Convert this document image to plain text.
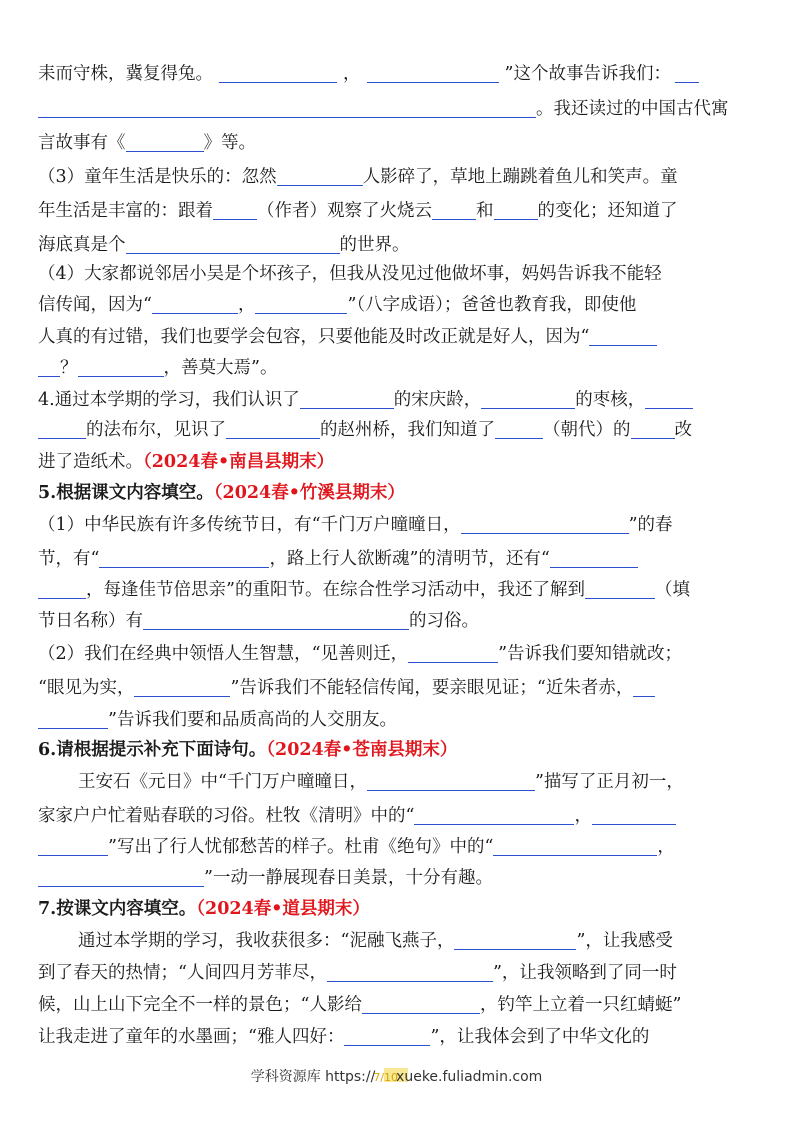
耒而守株，冀复得兔。	，	”这个故事告诉我们：
。我还读过的中国古代寓
言故事有《	》等。
（3）童年生活是快乐的：忽然	人影碎了，草地上蹦跳着鱼儿和笑声。童
年生活是丰富的：跟着	（作者）观察了火烧云	和	的变化；还知道了
海底真是个	的世界。
（4）大家都说邻居小吴是个坏孩子，但我从没见过他做坏事，妈妈告诉我不能轻
信传闻，因为“	，	”（八字成语）；爸爸也教育我，即使他
人真的有过错，我们也要学会包容，只要他能及时改正就是好人，因为“
？	，善莫大焉”。
4.通过本学期的学习，我们认识了	的宋庆龄，	的枣核，
的法布尔，见识了	的赵州桥，我们知道了	（朝代）的	改
进了造纸术。（2024春•南昌县期末）
5.根据课文内容填空。（2024春•竹溪县期末）
（1）中华民族有许多传统节日，有“千门万户曈曈日，	”的春
节，有“	，路上行人欲断魂”的清明节，还有“
，每逢佳节倍思亲”的重阳节。在综合性学习活动中，我还了解到	（填
节日名称）有	的习俗。
（2）我们在经典中领悟人生智慧，“见善则迁，	”告诉我们要知错就改；
“眼见为实，	”告诉我们不能轻信传闻，要亲眼见证；“近朱者赤，
”告诉我们要和品质高尚的人交朋友。
6.请根据提示补充下面诗句。（2024春•苍南县期末）
王安石《元日》中“千门万户曈曈日，	”描写了正月初一，
家家户户忙着贴春联的习俗。杜牧《清明》中的“	，
”写出了行人忧郁愁苦的样子。杜甫《绝句》中的“	，
”一动一静展现春日美景，十分有趣。
7.按课文内容填空。（2024春•道县期末）
通过本学期的学习，我收获很多：“泥融飞燕子，	”，让我感受
到了春天的热情；“人间四月芳菲尽，	”，让我领略到了同一时
候，山上山下完全不一样的景色；“人影给	，钓竿上立着一只红蜻蜓”
让我走进了童年的水墨画；“雅人四好：	”，让我体会到了中华文化的
学科资源库 https://7/10xueke.fuliadmin.com
